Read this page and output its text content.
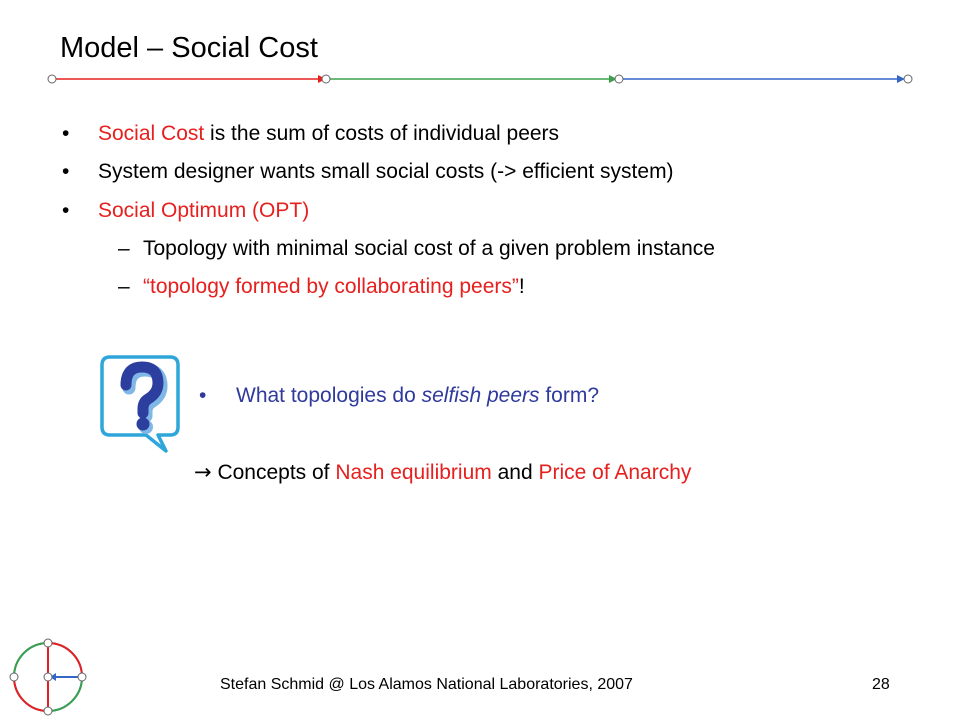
Model – Social Cost
• Social Cost is the sum of costs of individual peers
• System designer wants small social costs (-> efficient system)
• Social Optimum (OPT)
– Topology with minimal social cost of a given problem instance
– “topology formed by collaborating peers”!
• What topologies do selfish peers form?
→ Concepts of Nash equilibrium and Price of Anarchy
Stefan Schmid @ Los Alamos National Laboratories, 2007	28
